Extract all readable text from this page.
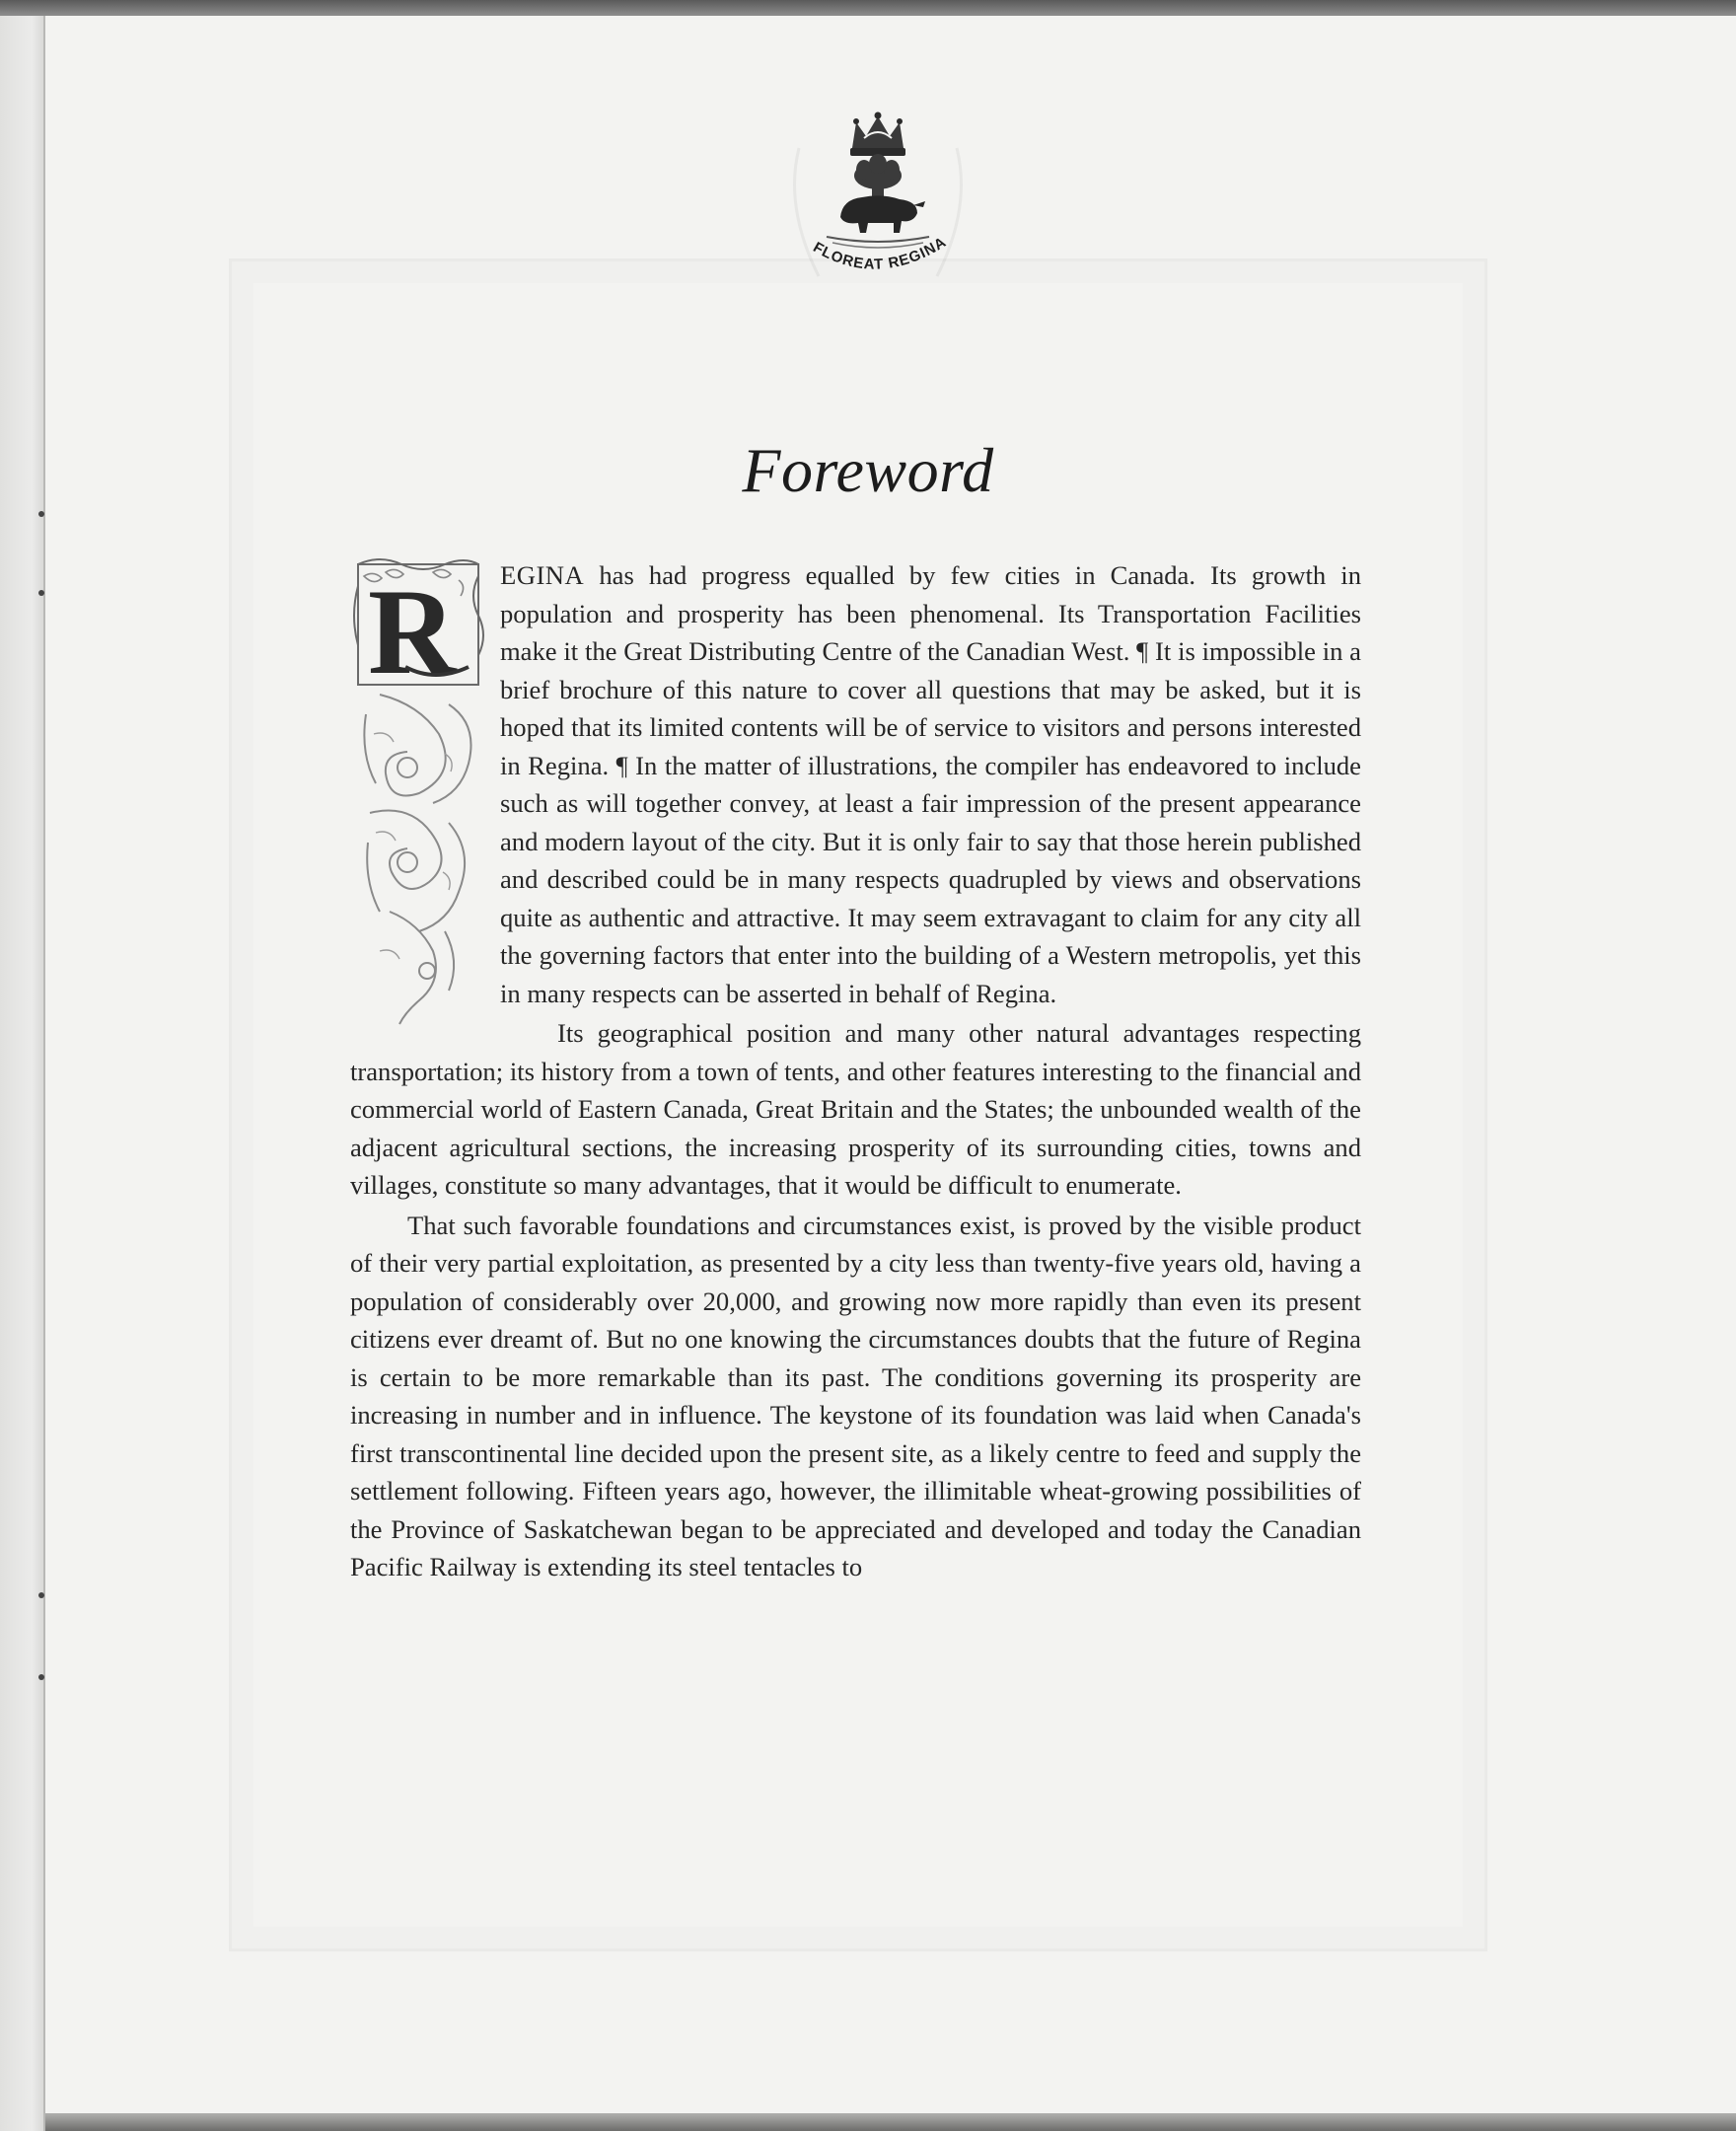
FLOREAT REGINA
Foreword
R	EGINA has had progress equalled by few cities in Canada. Its growth in population and prosperity has been phenomenal. Its Transportation Facilities make it the Great Distributing Centre of the Canadian West. ¶ It is impossible in a brief brochure of this nature to cover all questions that may be asked, but it is hoped that its limited contents will be of service to visitors and persons interested in Regina. ¶ In the matter of illustrations, the compiler has endeavored to include such as will together convey, at least a fair impression of the present appearance and modern layout of the city. But it is only fair to say that those herein published and described could be in many respects quadrupled by views and observations quite as authentic and attractive. It may seem extravagant to claim for any city all the governing factors that enter into the building of a Western metropolis, yet this in many respects can be asserted in behalf of Regina.

Its geographical position and many other natural advantages respecting transportation; its history from a town of tents, and other features interesting to the financial and commercial world of Eastern Canada, Great Britain and the States; the unbounded wealth of the adjacent agricultural sections, the increasing prosperity of its surrounding cities, towns and villages, constitute so many advantages, that it would be difficult to enumerate.

That such favorable foundations and circumstances exist, is proved by the visible product of their very partial exploitation, as presented by a city less than twenty-five years old, having a population of considerably over 20,000, and growing now more rapidly than even its present citizens ever dreamt of. But no one knowing the circumstances doubts that the future of Regina is certain to be more remarkable than its past. The conditions governing its prosperity are increasing in number and in influence. The keystone of its foundation was laid when Canada's first transcontinental line decided upon the present site, as a likely centre to feed and supply the settlement following. Fifteen years ago, however, the illimitable wheat-growing possibilities of the Province of Saskatchewan began to be appreciated and developed and today the Canadian Pacific Railway is extending its steel tentacles to
